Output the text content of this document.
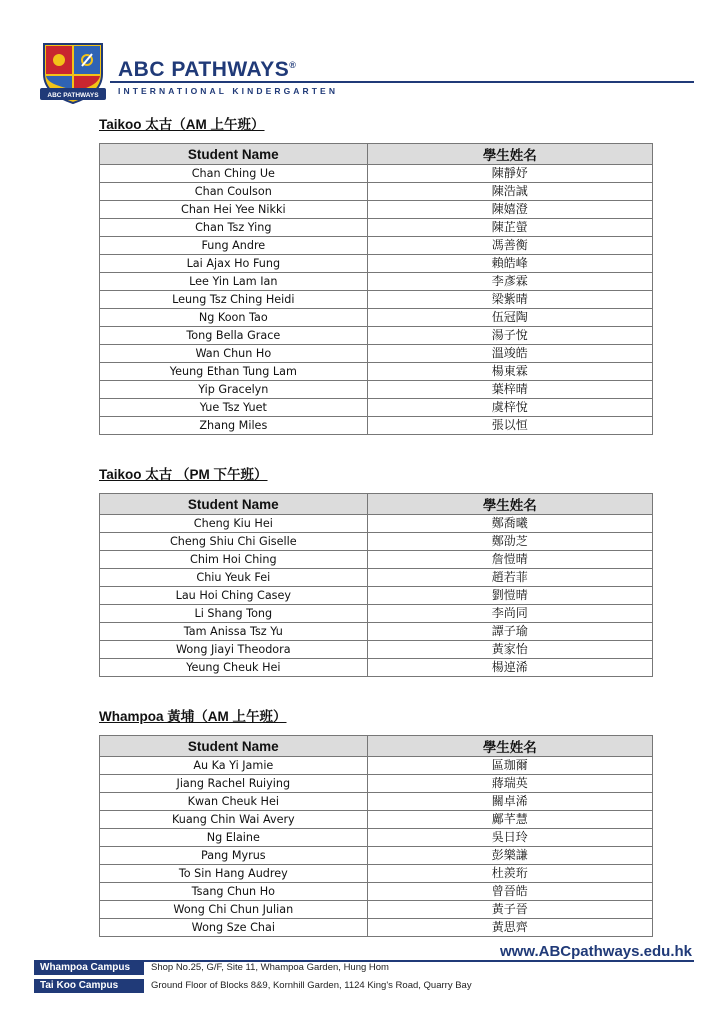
ABC PATHWAYS
ABC PATHWAYS®
INTERNATIONAL KINDERGARTEN
Taikoo 太古（AM 上午班）
Student Name	學生姓名
Chan Ching Ue	陳靜妤
Chan Coulson	陳浩誠
Chan Hei Yee Nikki	陳嬉澄
Chan Tsz Ying	陳芷螢
Fung Andre	馮善衡
Lai Ajax Ho Fung	賴皓峰
Lee Yin Lam Ian	李彥霖
Leung Tsz Ching Heidi	梁紫晴
Ng Koon Tao	伍冠陶
Tong Bella Grace	湯子悅
Wan Chun Ho	溫竣皓
Yeung Ethan Tung Lam	楊東霖
Yip Gracelyn	葉梓晴
Yue Tsz Yuet	虞梓悅
Zhang Miles	張以恒
Taikoo 太古 （PM 下午班）
Student Name	學生姓名
Cheng Kiu Hei	鄭喬曦
Cheng Shiu Chi Giselle	鄭劭芝
Chim Hoi Ching	詹愷晴
Chiu Yeuk Fei	趙若菲
Lau Hoi Ching Casey	劉愷晴
Li Shang Tong	李尚同
Tam Anissa Tsz Yu	譚子瑜
Wong Jiayi Theodora	黃家怡
Yeung Cheuk Hei	楊逴浠
Whampoa 黃埔（AM 上午班）
Student Name	學生姓名
Au Ka Yi Jamie	區珈爾
Jiang Rachel Ruiying	蔣瑞英
Kwan Cheuk Hei	關卓浠
Kuang Chin Wai Avery	鄺芊慧
Ng Elaine	吳日玲
Pang Myrus	彭樂謙
To Sin Hang Audrey	杜羨珩
Tsang Chun Ho	曾晉皓
Wong Chi Chun Julian	黃子晉
Wong Sze Chai	黃思齊
www.ABCpathways.edu.hk
Whampoa Campus	Shop No.25, G/F, Site 11, Whampoa Garden, Hung Hom
Tai Koo Campus	Ground Floor of Blocks 8&9, Kornhill Garden, 1124 King's Road, Quarry Bay
